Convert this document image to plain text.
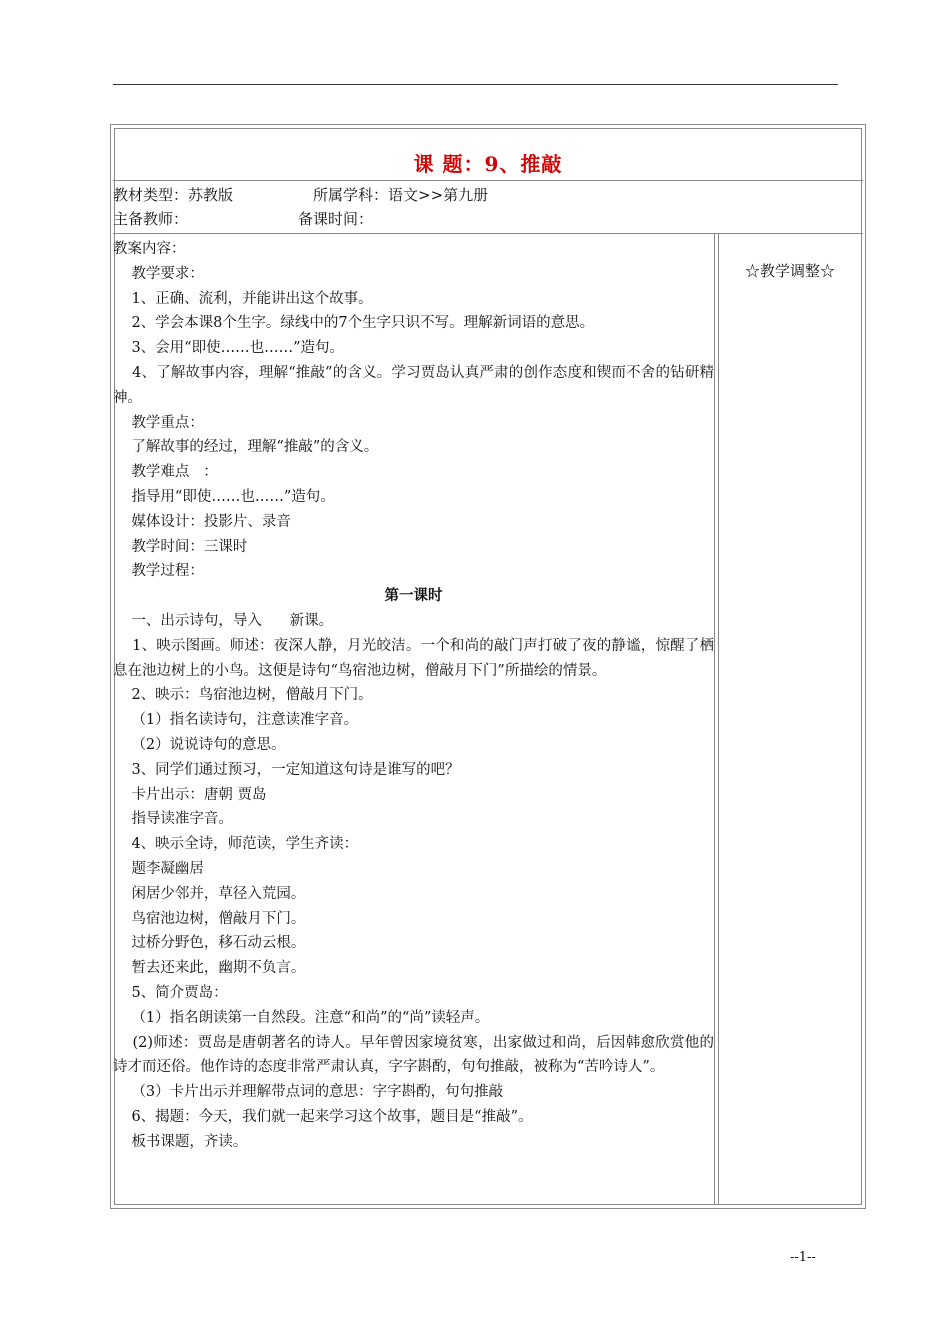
课 题：9、推敲
教材类型：苏教版	所属学科：语文>>第九册
主备教师：	备课时间：
☆教学调整☆

教案内容：

教学要求：

1、正确、流利，并能讲出这个故事。

2、学会本课8个生字。绿线中的7个生字只识不写。理解新词语的意思。

3、会用“即使……也……”造句。

4、了解故事内容，理解“推敲”的含义。学习贾岛认真严肃的创作态度和锲而不舍的钻研精神。

教学重点：

了解故事的经过，理解“推敲”的含义。

教学难点   ：

指导用“即使……也……”造句。

媒体设计：投影片、录音

教学时间：三课时

教学过程：

第一课时

一、出示诗句，导入      新课。

1、映示图画。师述：夜深人静，月光皎洁。一个和尚的敲门声打破了夜的静谧，惊醒了栖息在池边树上的小鸟。这便是诗句“鸟宿池边树，僧敲月下门”所描绘的情景。

2、映示：鸟宿池边树，僧敲月下门。

（1）指名读诗句，注意读准字音。

（2）说说诗句的意思。

3、同学们通过预习，一定知道这句诗是谁写的吧？

卡片出示：唐朝 贾岛

指导读准字音。

4、映示全诗，师范读，学生齐读：

题李凝幽居

闲居少邻并，草径入荒园。

鸟宿池边树，僧敲月下门。

过桥分野色，移石动云根。

暂去还来此，幽期不负言。

5、简介贾岛：

（1）指名朗读第一自然段。注意“和尚”的“尚”读轻声。

(2)师述：贾岛是唐朝著名的诗人。早年曾因家境贫寒，出家做过和尚，后因韩愈欣赏他的诗才而还俗。他作诗的态度非常严肃认真，字字斟酌，句句推敲，被称为“苦吟诗人”。

（3）卡片出示并理解带点词的意思：字字斟酌，句句推敲

6、揭题：今天，我们就一起来学习这个故事，题目是“推敲”。

板书课题，齐读。

--1--
